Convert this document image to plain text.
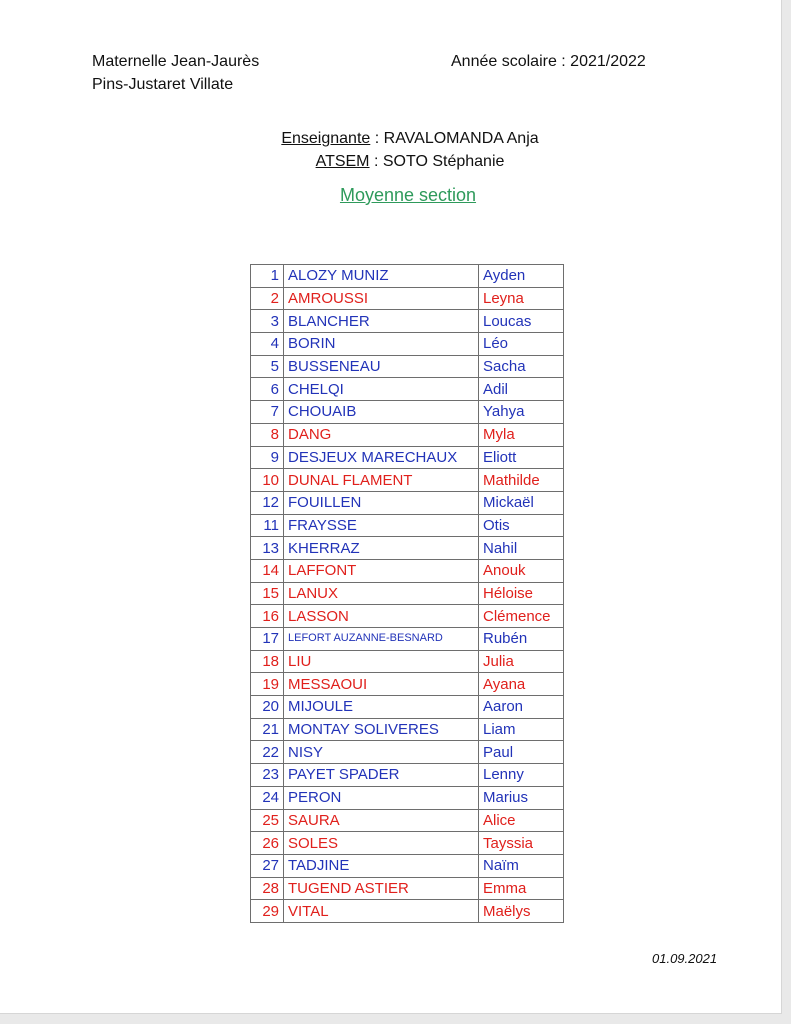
Maternelle Jean-Jaurès
Pins-Justaret Villate
Année scolaire : 2021/2022
Enseignante : RAVALOMANDA Anja
ATSEM : SOTO Stéphanie
Moyenne section
1	ALOZY MUNIZ	Ayden
2	AMROUSSI	Leyna
3	BLANCHER	Loucas
4	BORIN	Léo
5	BUSSENEAU	Sacha
6	CHELQI	Adil
7	CHOUAIB	Yahya
8	DANG	Myla
9	DESJEUX MARECHAUX	Eliott
10	DUNAL FLAMENT	Mathilde
12	FOUILLEN	Mickaël
11	FRAYSSE	Otis
13	KHERRAZ	Nahil
14	LAFFONT	Anouk
15	LANUX	Héloise
16	LASSON	Clémence
17	LEFORT AUZANNE-BESNARD	Rubén
18	LIU	Julia
19	MESSAOUI	Ayana
20	MIJOULE	Aaron
21	MONTAY SOLIVERES	Liam
22	NISY	Paul
23	PAYET SPADER	Lenny
24	PERON	Marius
25	SAURA	Alice
26	SOLES	Tayssia
27	TADJINE	Naïm
28	TUGEND ASTIER	Emma
29	VITAL	Maëlys
01.09.2021
